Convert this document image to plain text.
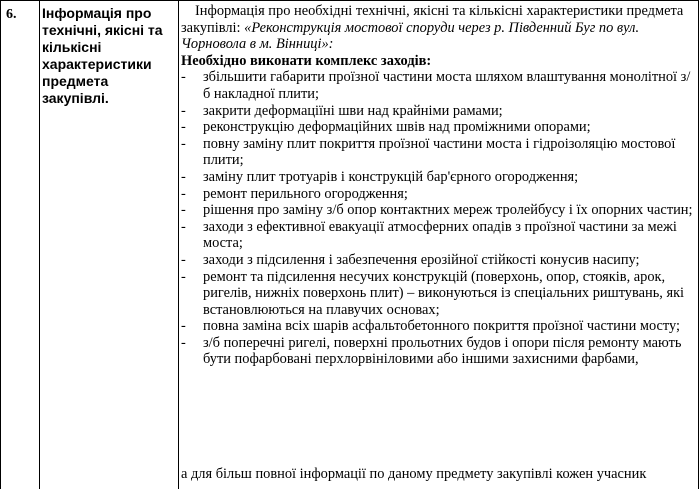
6. Інформація про технічні, якісні та кількісні характеристики предмета закупівлі.

Інформація про необхідні технічні, якісні та кількісні характеристики предмета закупівлі: «Реконструкція мостової споруди через р. Південний Буг по вул. Чорновола в м. Вінниці»:

Необхідно виконати комплекс заходів:

- збільшити габарити проїзної частини моста шляхом влаштування монолітної з/б накладної плити;
- закрити деформаціїні шви над крайніми рамами;
- реконструкцію деформаційних швів над проміжними опорами;
- повну заміну плит покриття проїзної частини моста і гідроізоляцію мостової плити;
- заміну плит тротуарів і конструкцій бар'єрного огородження;
- ремонт перильного огородження;
- рішення про заміну з/б опор контактних мереж тролейбусу і їх опорних частин;
- заходи з ефективної евакуації атмосферних опадів з проїзної частини за межі моста;
- заходи з підсилення і забезпечення ерозійної стійкості конусив насипу;
- ремонт та підсилення несучих конструкцій (поверхонь, опор, стояків, арок, ригелів, нижніх поверхонь плит) – виконуються із спеціальних риштувань, які встановлюються на плавучих основах;
- повна заміна всіх шарів асфальтобетонного покриття проїзної частини мосту;
- з/б поперечні ригелі, поверхні прольотних будов і опори після ремонту мають бути пофарбовані перхлорвініловими або іншими захисними фарбами,
а для більш повної інформації по даному предмету закупівлі кожен учасник
